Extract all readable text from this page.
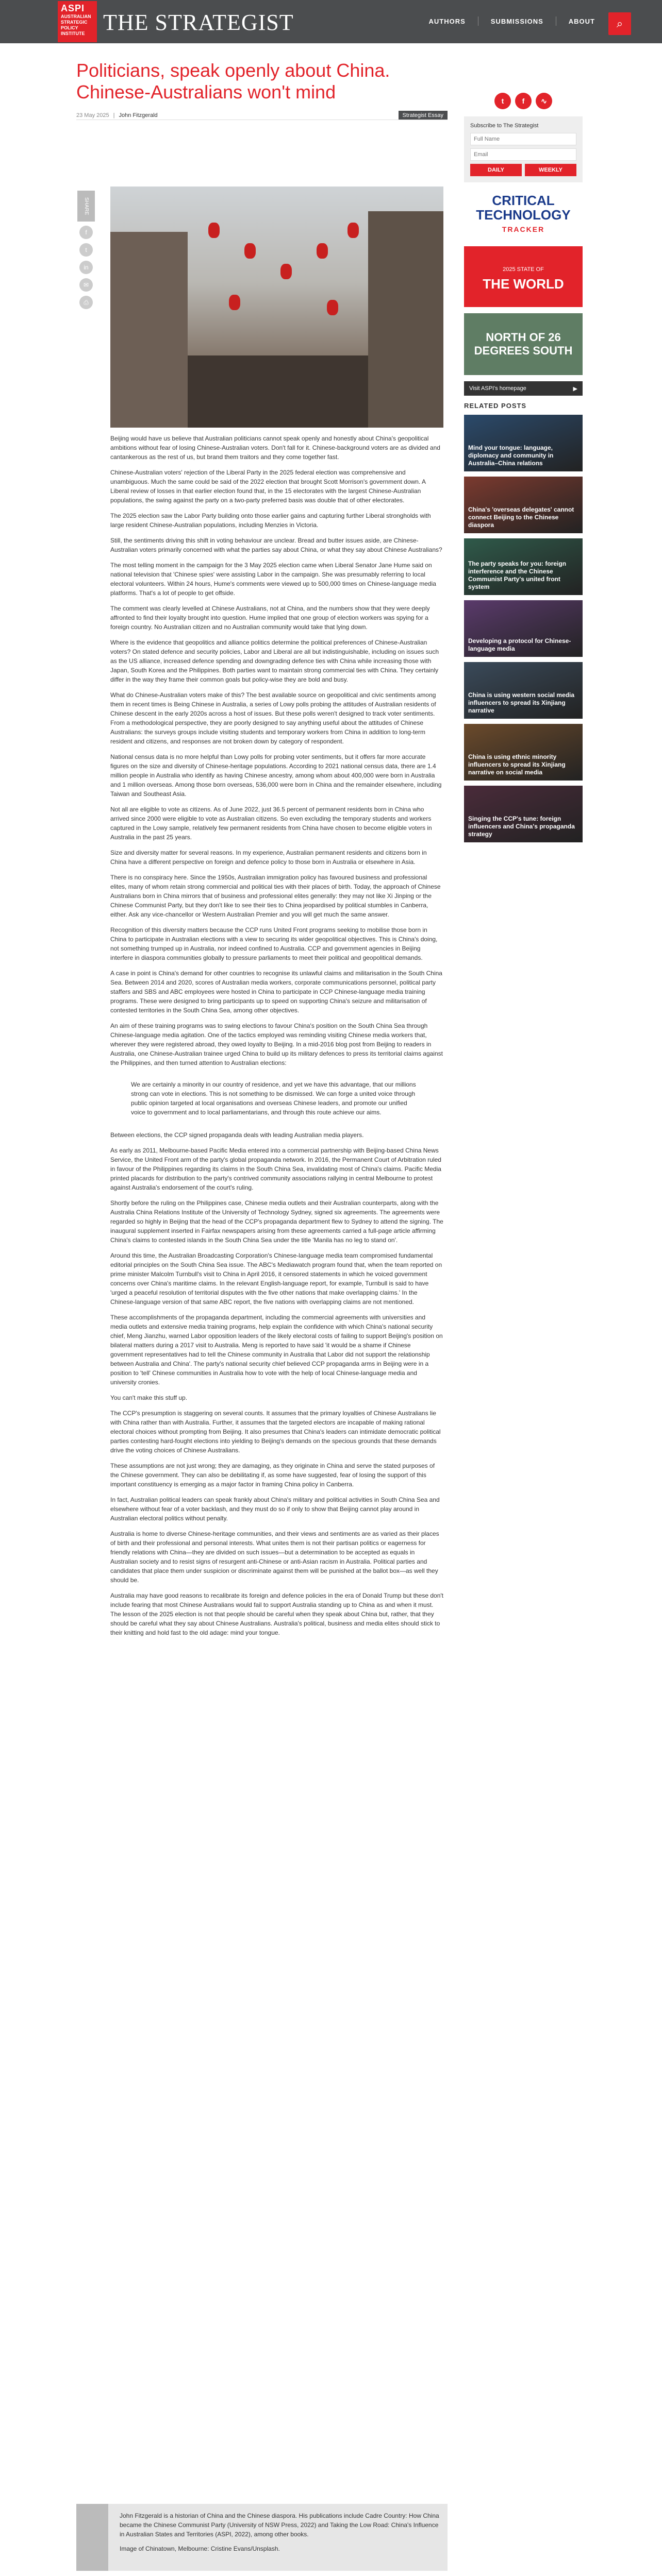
ASPI
AUSTRALIAN STRATEGIC POLICY INSTITUTE THE STRATEGIST	AUTHORS	SUBMISSIONS	ABOUT	⌕
Politicians, speak openly about China. Chinese-Australians won't mind
23 May 2025 | John Fitzgerald	Strategist Essay
SHARE
f
t
in
✉
⎙

Beijing would have us believe that Australian politicians cannot speak openly and honestly about China's geopolitical ambitions without fear of losing Chinese-Australian voters. Don't fall for it. Chinese-background voters are as divided and cantankerous as the rest of us, but brand them traitors and they come together fast.

Chinese-Australian voters' rejection of the Liberal Party in the 2025 federal election was comprehensive and unambiguous. Much the same could be said of the 2022 election that brought Scott Morrison's government down. A Liberal review of losses in that earlier election found that, in the 15 electorates with the largest Chinese-Australian populations, the swing against the party on a two-party preferred basis was double that of other electorates.

The 2025 election saw the Labor Party building onto those earlier gains and capturing further Liberal strongholds with large resident Chinese-Australian populations, including Menzies in Victoria.

Still, the sentiments driving this shift in voting behaviour are unclear. Bread and butter issues aside, are Chinese-Australian voters primarily concerned with what the parties say about China, or what they say about Chinese Australians?

The most telling moment in the campaign for the 3 May 2025 election came when Liberal Senator Jane Hume said on national television that 'Chinese spies' were assisting Labor in the campaign. She was presumably referring to local electoral volunteers. Within 24 hours, Hume's comments were viewed up to 500,000 times on Chinese-language media platforms. That's a lot of people to get offside.

The comment was clearly levelled at Chinese Australians, not at China, and the numbers show that they were deeply affronted to find their loyalty brought into question. Hume implied that one group of election workers was spying for a foreign country. No Australian citizen and no Australian community would take that lying down.

Where is the evidence that geopolitics and alliance politics determine the political preferences of Chinese-Australian voters? On stated defence and security policies, Labor and Liberal are all but indistinguishable, including on issues such as the US alliance, increased defence spending and downgrading defence ties with China while increasing those with Japan, South Korea and the Philippines. Both parties want to maintain strong commercial ties with China. They certainly differ in the way they frame their common goals but policy-wise they are bold and busy.

What do Chinese-Australian voters make of this? The best available source on geopolitical and civic sentiments among them in recent times is Being Chinese in Australia, a series of Lowy polls probing the attitudes of Australian residents of Chinese descent in the early 2020s across a host of issues. But these polls weren't designed to track voter sentiments. From a methodological perspective, they are poorly designed to say anything useful about the attitudes of Chinese Australians: the surveys groups include visiting students and temporary workers from China in addition to long-term resident and citizens, and responses are not broken down by category of respondent.

National census data is no more helpful than Lowy polls for probing voter sentiments, but it offers far more accurate figures on the size and diversity of Chinese-heritage populations. According to 2021 national census data, there are 1.4 million people in Australia who identify as having Chinese ancestry, among whom about 400,000 were born in Australia and 1 million overseas. Among those born overseas, 536,000 were born in China and the remainder elsewhere, including Taiwan and Southeast Asia.

Not all are eligible to vote as citizens. As of June 2022, just 36.5 percent of permanent residents born in China who arrived since 2000 were eligible to vote as Australian citizens. So even excluding the temporary students and workers captured in the Lowy sample, relatively few permanent residents from China have chosen to become eligible voters in Australia in the past 25 years.

Size and diversity matter for several reasons. In my experience, Australian permanent residents and citizens born in China have a different perspective on foreign and defence policy to those born in Australia or elsewhere in Asia.

There is no conspiracy here. Since the 1950s, Australian immigration policy has favoured business and professional elites, many of whom retain strong commercial and political ties with their places of birth. Today, the approach of Chinese Australians born in China mirrors that of business and professional elites generally: they may not like Xi Jinping or the Chinese Communist Party, but they don't like to see their ties to China jeopardised by political stumbles in Canberra, either. Ask any vice-chancellor or Western Australian Premier and you will get much the same answer.

Recognition of this diversity matters because the CCP runs United Front programs seeking to mobilise those born in China to participate in Australian elections with a view to securing its wider geopolitical objectives. This is China's doing, not something trumped up in Australia, nor indeed confined to Australia. CCP and government agencies in Beijing interfere in diaspora communities globally to pressure parliaments to meet their political and geopolitical demands.

A case in point is China's demand for other countries to recognise its unlawful claims and militarisation in the South China Sea. Between 2014 and 2020, scores of Australian media workers, corporate communications personnel, political party staffers and SBS and ABC employees were hosted in China to participate in CCP Chinese-language media training programs. These were designed to bring participants up to speed on supporting China's seizure and militarisation of contested territories in the South China Sea, among other objectives.

An aim of these training programs was to swing elections to favour China's position on the South China Sea through Chinese-language media agitation. One of the tactics employed was reminding visiting Chinese media workers that, wherever they were registered abroad, they owed loyalty to Beijing. In a mid-2016 blog post from Beijing to readers in Australia, one Chinese-Australian trainee urged China to build up its military defences to press its territorial claims against the Philippines, and then turned attention to Australian elections:

We are certainly a minority in our country of residence, and yet we have this advantage, that our millions strong can vote in elections. This is not something to be dismissed. We can forge a united voice through public opinion targeted at local organisations and overseas Chinese leaders, and promote our unified voice to government and to local parliamentarians, and through this route achieve our aims.

Between elections, the CCP signed propaganda deals with leading Australian media players.

As early as 2011, Melbourne-based Pacific Media entered into a commercial partnership with Beijing-based China News Service, the United Front arm of the party's global propaganda network. In 2016, the Permanent Court of Arbitration ruled in favour of the Philippines regarding its claims in the South China Sea, invalidating most of China's claims. Pacific Media printed placards for distribution to the party's contrived community associations rallying in central Melbourne to protest against Australia's endorsement of the court's ruling.

Shortly before the ruling on the Philippines case, Chinese media outlets and their Australian counterparts, along with the Australia China Relations Institute of the University of Technology Sydney, signed six agreements. The agreements were regarded so highly in Beijing that the head of the CCP's propaganda department flew to Sydney to attend the signing. The inaugural supplement inserted in Fairfax newspapers arising from these agreements carried a full-page article affirming China's claims to contested islands in the South China Sea under the title 'Manila has no leg to stand on'.

Around this time, the Australian Broadcasting Corporation's Chinese-language media team compromised fundamental editorial principles on the South China Sea issue. The ABC's Mediawatch program found that, when the team reported on prime minister Malcolm Turnbull's visit to China in April 2016, it censored statements in which he voiced government concerns over China's maritime claims. In the relevant English-language report, for example, Turnbull is said to have 'urged a peaceful resolution of territorial disputes with the five other nations that make overlapping claims.' In the Chinese-language version of that same ABC report, the five nations with overlapping claims are not mentioned.

These accomplishments of the propaganda department, including the commercial agreements with universities and media outlets and extensive media training programs, help explain the confidence with which China's national security chief, Meng Jianzhu, warned Labor opposition leaders of the likely electoral costs of failing to support Beijing's position on bilateral matters during a 2017 visit to Australia. Meng is reported to have said 'it would be a shame if Chinese government representatives had to tell the Chinese community in Australia that Labor did not support the relationship between Australia and China'. The party's national security chief believed CCP propaganda arms in Beijing were in a position to 'tell' Chinese communities in Australia how to vote with the help of local Chinese-language media and university cronies.

You can't make this stuff up.

The CCP's presumption is staggering on several counts. It assumes that the primary loyalties of Chinese Australians lie with China rather than with Australia. Further, it assumes that the targeted electors are incapable of making rational electoral choices without prompting from Beijing. It also presumes that China's leaders can intimidate democratic political parties contesting hard-fought elections into yielding to Beijing's demands on the specious grounds that these demands drive the voting choices of Chinese Australians.

These assumptions are not just wrong; they are damaging, as they originate in China and serve the stated purposes of the Chinese government. They can also be debilitating if, as some have suggested, fear of losing the support of this important constituency is emerging as a major factor in framing China policy in Canberra.

In fact, Australian political leaders can speak frankly about China's military and political activities in South China Sea and elsewhere without fear of a voter backlash, and they must do so if only to show that Beijing cannot play around in Australian electoral politics without penalty.

Australia is home to diverse Chinese-heritage communities, and their views and sentiments are as varied as their places of birth and their professional and personal interests. What unites them is not their partisan politics or eagerness for friendly relations with China—they are divided on such issues—but a determination to be accepted as equals in Australian society and to resist signs of resurgent anti-Chinese or anti-Asian racism in Australia. Political parties and candidates that place them under suspicion or discriminate against them will be punished at the ballot box—as well they should be.

Australia may have good reasons to recalibrate its foreign and defence policies in the era of Donald Trump but these don't include fearing that most Chinese Australians would fail to support Australia standing up to China as and when it must. The lesson of the 2025 election is not that people should be careful when they speak about China but, rather, that they should be careful what they say about Chinese Australians. Australia's political, business and media elites should stick to their knitting and hold fast to the old adage: mind your tongue.

John Fitzgerald is a historian of China and the Chinese diaspora. His publications include Cadre Country: How China became the Chinese Communist Party (University of NSW Press, 2022) and Taking the Low Road: China's Influence in Australian States and Territories (ASPI, 2022), among other books.

Image of Chinatown, Melbourne: Cristine Evans/Unsplash.

t	f	∿
Subscribe to The Strategist
Full Name Email
DAILY	WEEKLY
CRITICAL
TECHNOLOGY
TRACKER
2025 STATE OF
THE WORLD
NORTH OF 26 DEGREES SOUTH
Visit ASPI's homepage	▶
RELATED POSTS
Mind your tongue: language, diplomacy and community in Australia–China relations
China's 'overseas delegates' cannot connect Beijing to the Chinese diaspora
The party speaks for you: foreign interference and the Chinese Communist Party's united front system
Developing a protocol for Chinese-language media
China is using western social media influencers to spread its Xinjiang narrative
China is using ethnic minority influencers to spread its Xinjiang narrative on social media
Singing the CCP's tune: foreign influencers and China's propaganda strategy
